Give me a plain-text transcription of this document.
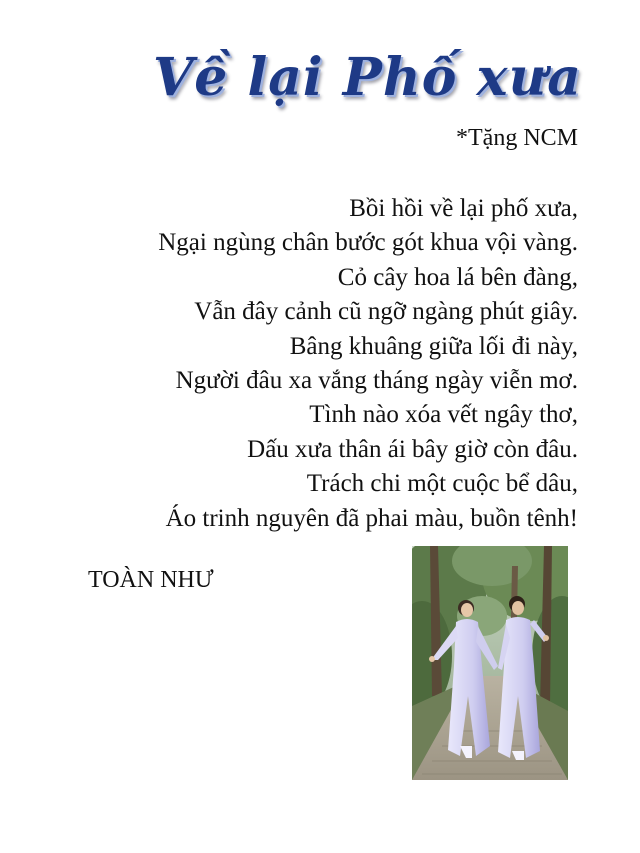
Về lại Phố xưa
*Tặng NCM
Bồi hồi về lại phố xưa,
Ngại ngùng chân bước gót khua vội vàng.
Cỏ cây hoa lá bên đàng,
Vẫn đây cảnh cũ ngỡ ngàng phút giây.
Bâng khuâng giữa lối đi này,
Người đâu xa vắng tháng ngày viễn mơ.
Tình nào xóa vết ngây thơ,
Dấu xưa thân ái bây giờ còn đâu.
Trách chi một cuộc bể dâu,
Áo trinh nguyên đã phai màu, buồn tênh!
TOÀN NHƯ
